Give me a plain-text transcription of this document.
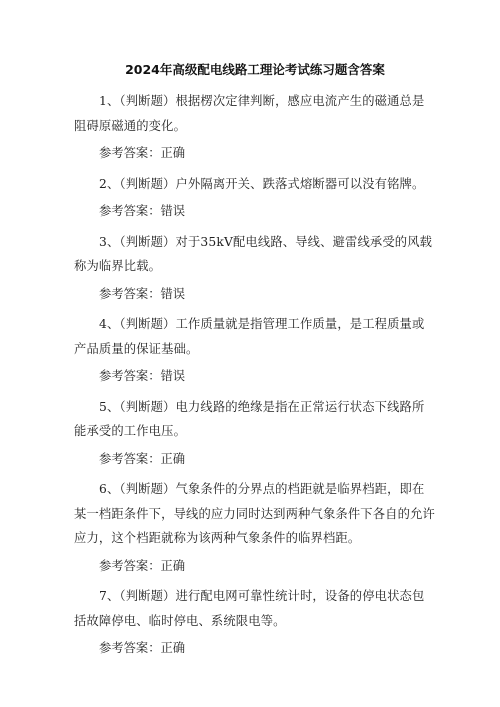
2024年高级配电线路工理论考试练习题含答案

1、（判断题）根据楞次定律判断，感应电流产生的磁通总是阻碍原磁通的变化。

参考答案：正确

2、（判断题）户外隔离开关、跌落式熔断器可以没有铭牌。

参考答案：错误

3、（判断题）对于35kV配电线路、导线、避雷线承受的风载称为临界比载。

参考答案：错误

4、（判断题）工作质量就是指管理工作质量，是工程质量或产品质量的保证基础。

参考答案：错误

5、（判断题）电力线路的绝缘是指在正常运行状态下线路所能承受的工作电压。

参考答案：正确

6、（判断题）气象条件的分界点的档距就是临界档距，即在某一档距条件下，导线的应力同时达到两种气象条件下各自的允许应力，这个档距就称为该两种气象条件的临界档距。

参考答案：正确

7、（判断题）进行配电网可靠性统计时，设备的停电状态包括故障停电、临时停电、系统限电等。

参考答案：正确
